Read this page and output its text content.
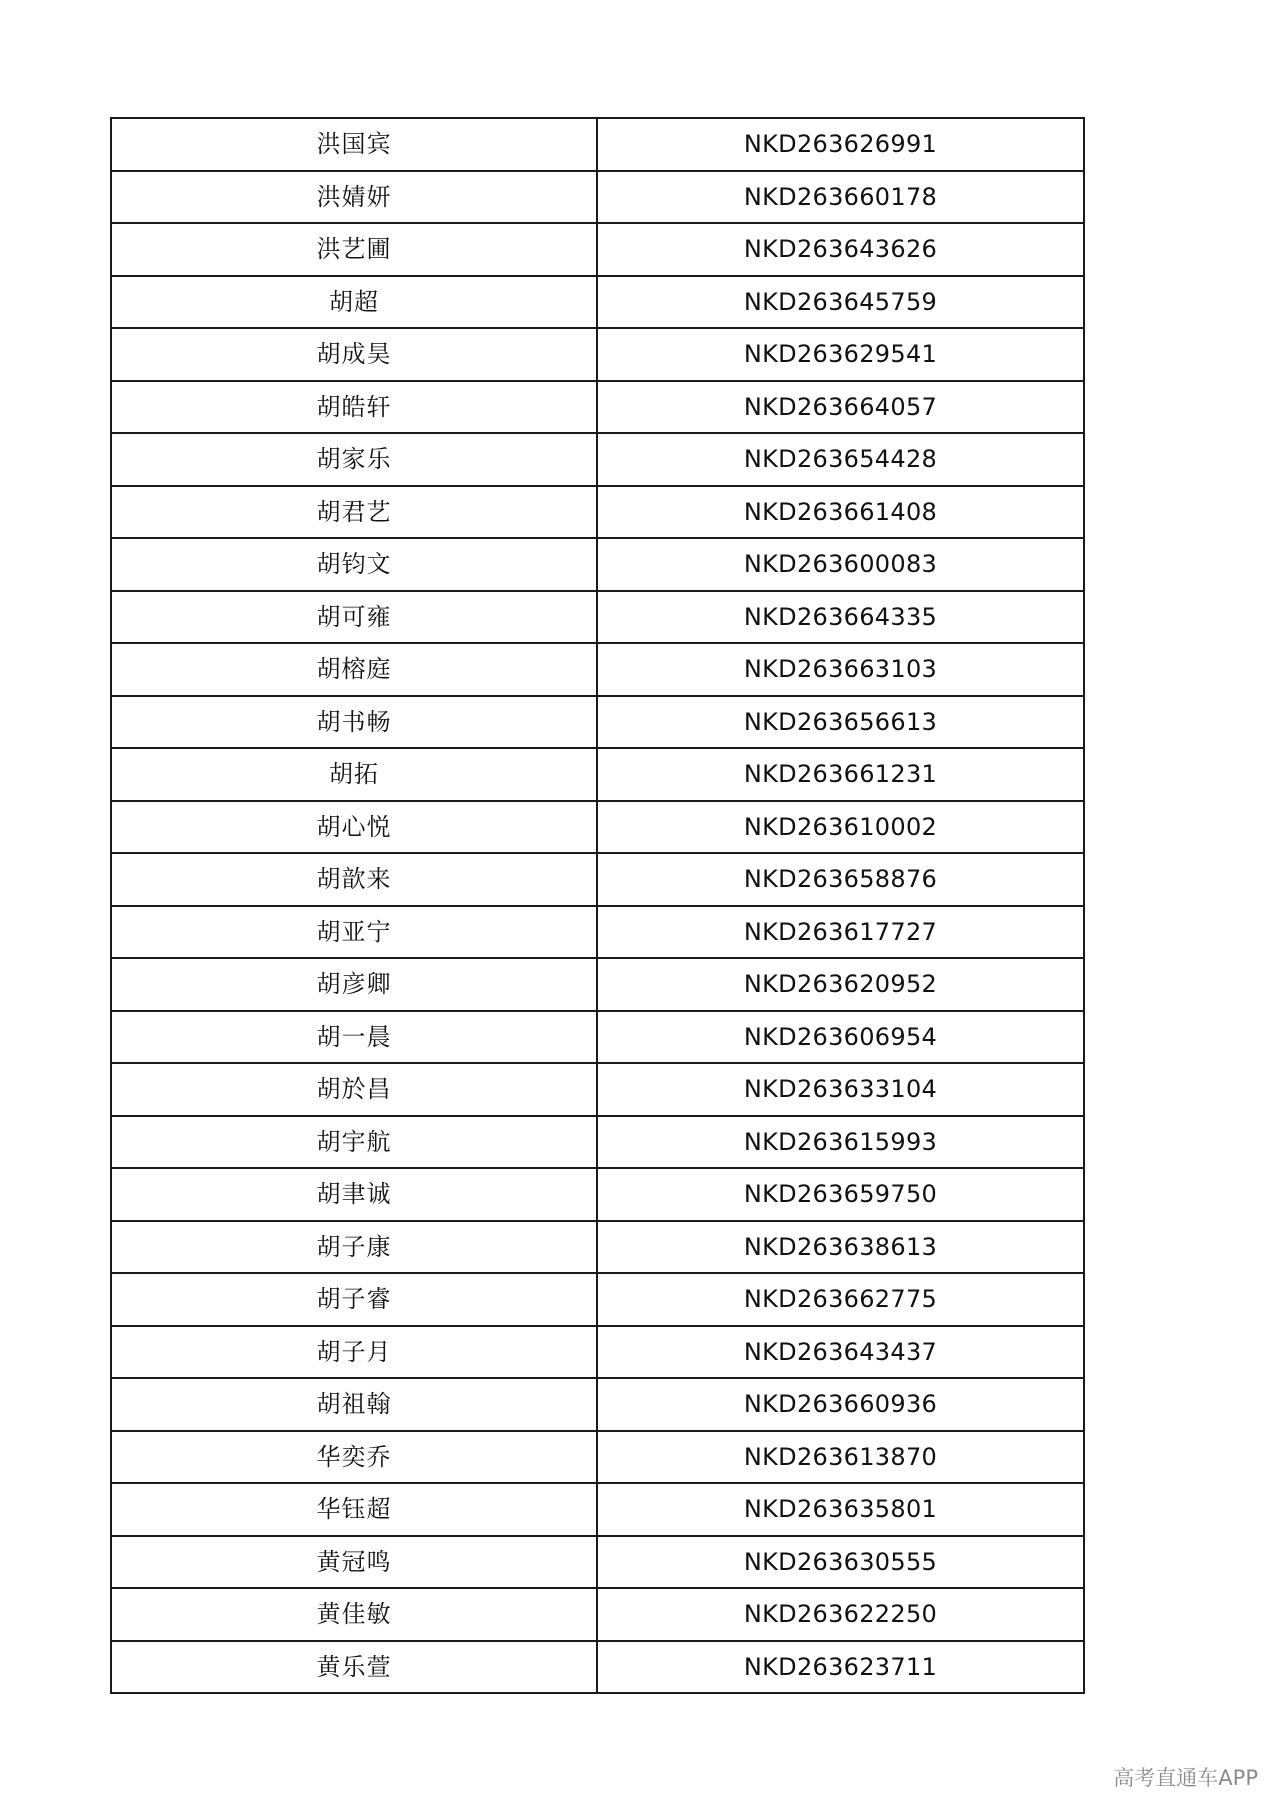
洪国宾	NKD263626991
洪婧妍	NKD263660178
洪艺圃	NKD263643626
胡超	NKD263645759
胡成昊	NKD263629541
胡皓轩	NKD263664057
胡家乐	NKD263654428
胡君艺	NKD263661408
胡钧文	NKD263600083
胡可雍	NKD263664335
胡榕庭	NKD263663103
胡书畅	NKD263656613
胡拓	NKD263661231
胡心悦	NKD263610002
胡歆来	NKD263658876
胡亚宁	NKD263617727
胡彦卿	NKD263620952
胡一晨	NKD263606954
胡於昌	NKD263633104
胡宇航	NKD263615993
胡聿诚	NKD263659750
胡子康	NKD263638613
胡子睿	NKD263662775
胡子月	NKD263643437
胡祖翰	NKD263660936
华奕乔	NKD263613870
华钰超	NKD263635801
黄冠鸣	NKD263630555
黄佳敏	NKD263622250
黄乐萱	NKD263623711
高考直通车APP
